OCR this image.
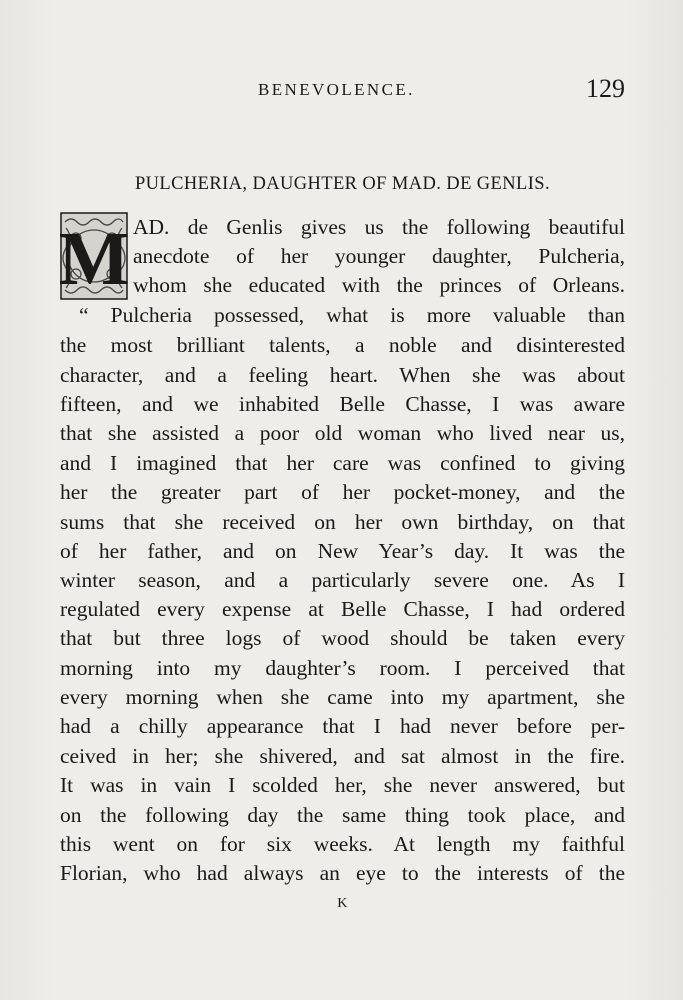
BENEVOLENCE.	129
PULCHERIA, DAUGHTER OF MAD. DE GENLIS.
M AD. de Genlis gives us the following beautiful
anecdote of her younger daughter, Pulcheria,
whom she educated with the princes of Orleans.
“ Pulcheria possessed, what is more valuable than
the most brilliant talents, a noble and disinterested
character, and a feeling heart. When she was about
fifteen, and we inhabited Belle Chasse, I was aware
that she assisted a poor old woman who lived near us,
and I imagined that her care was confined to giving
her the greater part of her pocket-money, and the
sums that she received on her own birthday, on that
of her father, and on New Year’s day. It was the
winter season, and a particularly severe one. As I
regulated every expense at Belle Chasse, I had ordered
that but three logs of wood should be taken every
morning into my daughter’s room. I perceived that
every morning when she came into my apartment, she
had a chilly appearance that I had never before per-
ceived in her; she shivered, and sat almost in the fire.
It was in vain I scolded her, she never answered, but
on the following day the same thing took place, and
this went on for six weeks. At length my faithful
Florian, who had always an eye to the interests of the
K
